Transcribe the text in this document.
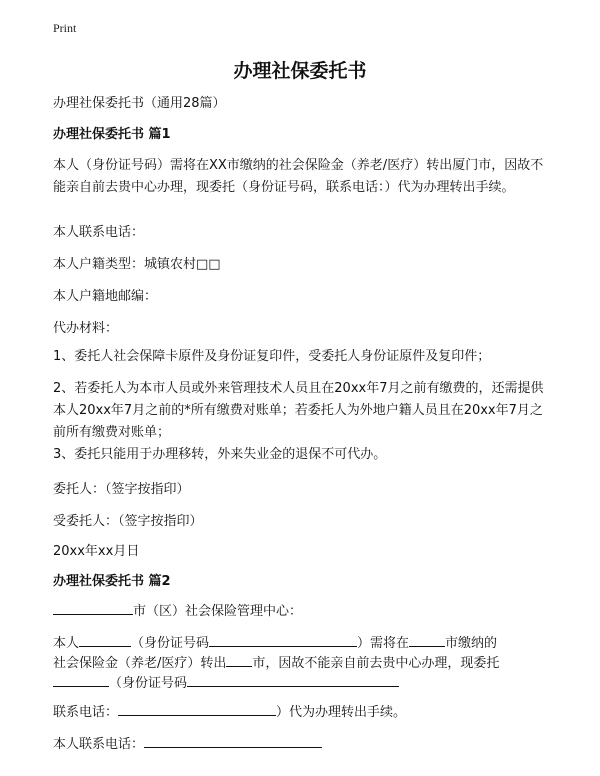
Print
办理社保委托书
办理社保委托书（通用28篇）
办理社保委托书 篇1
本人（身份证号码）需将在XX市缴纳的社会保险金（养老/医疗）转出厦门市，因故不能亲自前去贵中心办理，现委托（身份证号码，联系电话：）代为办理转出手续。
本人联系电话：
本人户籍类型：城镇农村□□
本人户籍地邮编：
代办材料：
1、委托人社会保障卡原件及身份证复印件，受委托人身份证原件及复印件；
2、若委托人为本市人员或外来管理技术人员且在20xx年7月之前有缴费的，还需提供本人20xx年7月之前的*所有缴费对账单；若委托人为外地户籍人员且在20xx年7月之前所有缴费对账单；
3、委托只能用于办理移转，外来失业金的退保不可代办。
委托人：（签字按指印）
受委托人：（签字按指印）
20xx年xx月日
办理社保委托书 篇2
市（区）社会保险管理中心：
本人	（身份证号码	）需将在	市缴纳的
社会保险金（养老/医疗）转出 市，因故不能亲自前去贵中心办理，现委托
（身份证号码
联系电话：	）代为办理转出手续。
本人联系电话：
